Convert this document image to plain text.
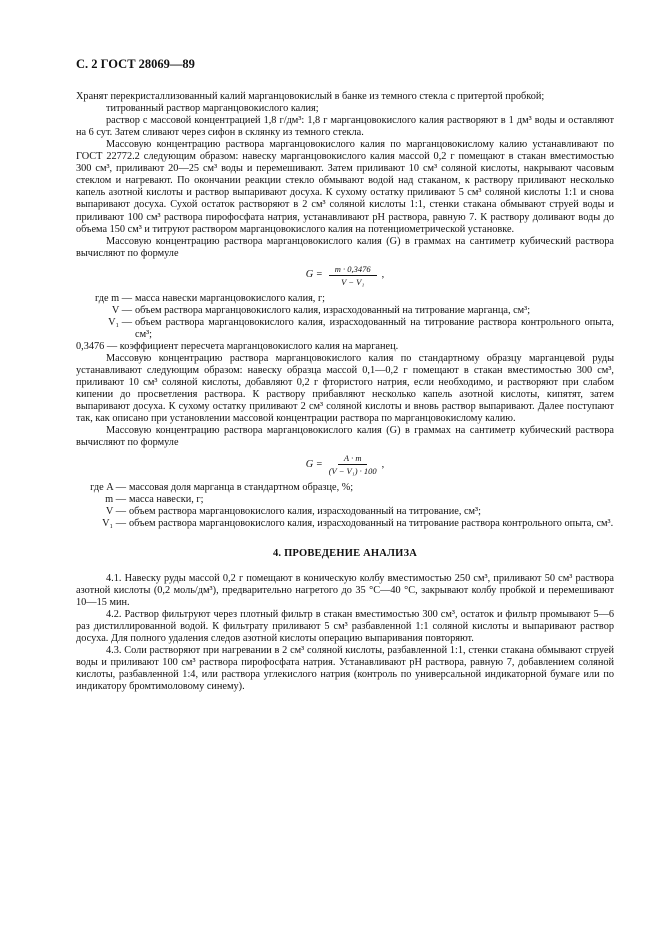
С. 2 ГОСТ 28069—89

Хранят перекристаллизованный калий марганцовокислый в банке из темного стекла с притертой пробкой;

титрованный раствор марганцовокислого калия;

раствор с массовой концентрацией 1,8 г/дм³: 1,8 г марганцовокислого калия растворяют в 1 дм³ воды и оставляют на 6 сут. Затем сливают через сифон в склянку из темного стекла.

Массовую концентрацию раствора марганцовокислого калия по марганцовокислому калию устанавливают по ГОСТ 22772.2 следующим образом: навеску марганцовокислого калия массой 0,2 г помещают в стакан вместимостью 300 см³, приливают 20—25 см³ воды и перемешивают. Затем приливают 10 см³ соляной кислоты, накрывают часовым стеклом и нагревают. По окончании реакции стекло обмывают водой над стаканом, к раствору приливают несколько капель азотной кислоты и раствор выпаривают досуха. К сухому остатку приливают 5 см³ соляной кислоты 1:1 и снова выпаривают досуха. Сухой остаток растворяют в 2 см³ соляной кислоты 1:1, стенки стакана обмывают струей воды и приливают 100 см³ раствора пирофосфата натрия, устанавливают pH раствора, равную 7. К раствору доливают воды до объема 150 см³ и титруют раствором марганцовокислого калия на потенциометрической установке.

Массовую концентрацию раствора марганцовокислого калия (G) в граммах на сантиметр кубический раствора вычисляют по формуле

$G = \frac{m \cdot 0,3476}{\text{V − V₁}}$ ,
где m — масса навески марганцовокислого калия, г;
V — объем раствора марганцовокислого калия, израсходованный на титрование марганца, см³;
V₁ — объем раствора марганцовокислого калия, израсходованный на титрование раствора контрольного опыта, см³;

0,3476 — коэффициент пересчета марганцовокислого калия на марганец.

Массовую концентрацию раствора марганцовокислого калия по стандартному образцу марганцевой руды устанавливают следующим образом: навеску образца массой 0,1—0,2 г помещают в стакан вместимостью 300 см³, приливают 10 см³ соляной кислоты, добавляют 0,2 г фтористого натрия, если необходимо, и растворяют при слабом кипении до просветления раствора. К раствору прибавляют несколько капель азотной кислоты, кипятят, затем выпаривают досуха. К сухому остатку приливают 2 см³ соляной кислоты и вновь раствор выпаривают. Далее поступают так, как описано при установлении массовой концентрации раствора по марганцовокислому калию.

Массовую концентрацию раствора марганцовокислого калия (G) в граммах на сантиметр кубический раствора вычисляют по формуле

$G = \frac{A \cdot m}{\text{(V − V₁) · 100}}$ ,
где A — массовая доля марганца в стандартном образце, %;
m — масса навески, г;
V — объем раствора марганцовокислого калия, израсходованный на титрование, см³;
V₁ — объем раствора марганцовокислого калия, израсходованный на титрование раствора контрольного опыта, см³.
4. ПРОВЕДЕНИЕ АНАЛИЗА

4.1. Навеску руды массой 0,2 г помещают в коническую колбу вместимостью 250 см³, приливают 50 см³ раствора азотной кислоты (0,2 моль/дм³), предварительно нагретого до 35 °С—40 °С, закрывают колбу пробкой и перемешивают 10—15 мин.

4.2. Раствор фильтруют через плотный фильтр в стакан вместимостью 300 см³, остаток и фильтр промывают 5—6 раз дистиллированной водой. К фильтрату приливают 5 см³ разбавленной 1:1 соляной кислоты и выпаривают раствор досуха. Для полного удаления следов азотной кислоты операцию выпаривания повторяют.

4.3. Соли растворяют при нагревании в 2 см³ соляной кислоты, разбавленной 1:1, стенки стакана обмывают струей воды и приливают 100 см³ раствора пирофосфата натрия. Устанавливают pH раствора, равную 7, добавлением соляной кислоты, разбавленной 1:4, или раствора углекислого натрия (контроль по универсальной индикаторной бумаге или по индикатору бромтимоловому синему).
